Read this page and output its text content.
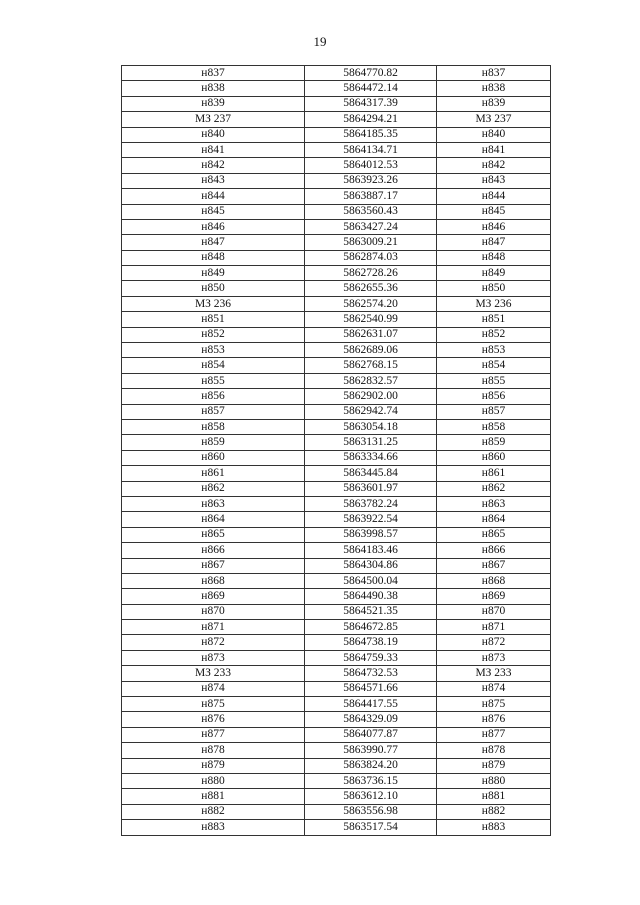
19
н837	5864770.82	н837
н838	5864472.14	н838
н839	5864317.39	н839
МЗ 237	5864294.21	МЗ 237
н840	5864185.35	н840
н841	5864134.71	н841
н842	5864012.53	н842
н843	5863923.26	н843
н844	5863887.17	н844
н845	5863560.43	н845
н846	5863427.24	н846
н847	5863009.21	н847
н848	5862874.03	н848
н849	5862728.26	н849
н850	5862655.36	н850
МЗ 236	5862574.20	МЗ 236
н851	5862540.99	н851
н852	5862631.07	н852
н853	5862689.06	н853
н854	5862768.15	н854
н855	5862832.57	н855
н856	5862902.00	н856
н857	5862942.74	н857
н858	5863054.18	н858
н859	5863131.25	н859
н860	5863334.66	н860
н861	5863445.84	н861
н862	5863601.97	н862
н863	5863782.24	н863
н864	5863922.54	н864
н865	5863998.57	н865
н866	5864183.46	н866
н867	5864304.86	н867
н868	5864500.04	н868
н869	5864490.38	н869
н870	5864521.35	н870
н871	5864672.85	н871
н872	5864738.19	н872
н873	5864759.33	н873
МЗ 233	5864732.53	МЗ 233
н874	5864571.66	н874
н875	5864417.55	н875
н876	5864329.09	н876
н877	5864077.87	н877
н878	5863990.77	н878
н879	5863824.20	н879
н880	5863736.15	н880
н881	5863612.10	н881
н882	5863556.98	н882
н883	5863517.54	н883
